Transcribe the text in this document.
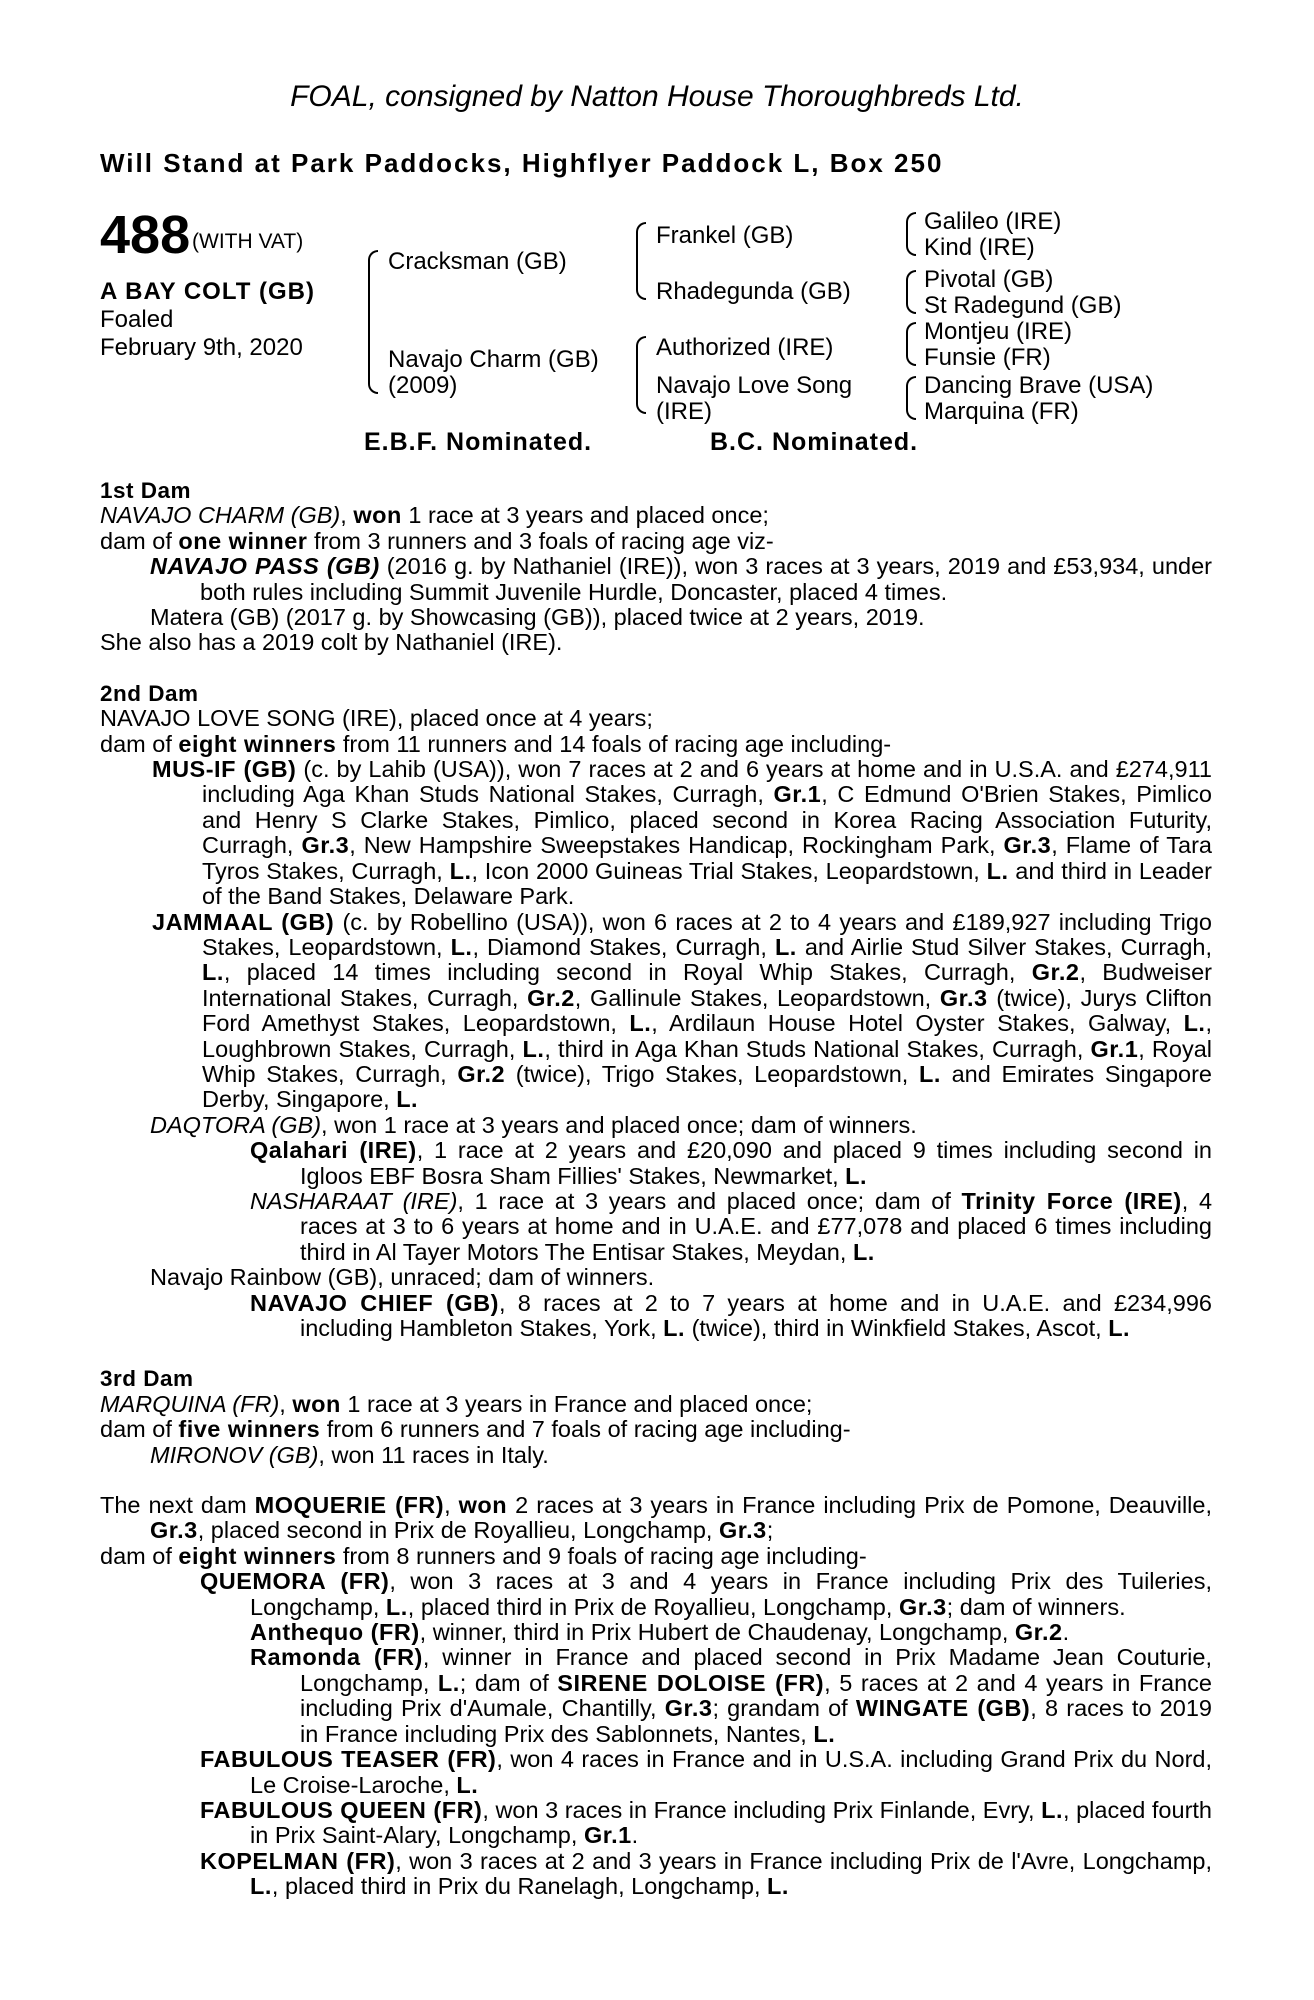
FOAL, consigned by Natton House Thoroughbreds Ltd.
Will Stand at Park Paddocks, Highflyer Paddock L, Box 250
488 (WITH VAT)
A BAY COLT (GB)
Foaled
February 9th, 2020
Cracksman (GB)
Navajo Charm (GB)
(2009)
Frankel (GB)
Rhadegunda (GB)
Authorized (IRE)
Navajo Love Song
(IRE)
Galileo (IRE)
Kind (IRE)
Pivotal (GB)
St Radegund (GB)
Montjeu (IRE)
Funsie (FR)
Dancing Brave (USA)
Marquina (FR)
E.B.F. Nominated.	B.C. Nominated.
1st Dam
NAVAJO CHARM (GB), won 1 race at 3 years and placed once;
dam of one winner from 3 runners and 3 foals of racing age viz-
NAVAJO PASS (GB) (2016 g. by Nathaniel (IRE)), won 3 races at 3 years, 2019 and £53,934, under both rules including Summit Juvenile Hurdle, Doncaster, placed 4 times.
Matera (GB) (2017 g. by Showcasing (GB)), placed twice at 2 years, 2019.
She also has a 2019 colt by Nathaniel (IRE).
2nd Dam
NAVAJO LOVE SONG (IRE), placed once at 4 years;
dam of eight winners from 11 runners and 14 foals of racing age including-
MUS-IF (GB) (c. by Lahib (USA)), won 7 races at 2 and 6 years at home and in U.S.A. and £274,911 including Aga Khan Studs National Stakes, Curragh, Gr.1, C Edmund O'Brien Stakes, Pimlico and Henry S Clarke Stakes, Pimlico, placed second in Korea Racing Association Futurity, Curragh, Gr.3, New Hampshire Sweepstakes Handicap, Rockingham Park, Gr.3, Flame of Tara Tyros Stakes, Curragh, L., Icon 2000 Guineas Trial Stakes, Leopardstown, L. and third in Leader of the Band Stakes, Delaware Park.
JAMMAAL (GB) (c. by Robellino (USA)), won 6 races at 2 to 4 years and £189,927 including Trigo Stakes, Leopardstown, L., Diamond Stakes, Curragh, L. and Airlie Stud Silver Stakes, Curragh, L., placed 14 times including second in Royal Whip Stakes, Curragh, Gr.2, Budweiser International Stakes, Curragh, Gr.2, Gallinule Stakes, Leopardstown, Gr.3 (twice), Jurys Clifton Ford Amethyst Stakes, Leopardstown, L., Ardilaun House Hotel Oyster Stakes, Galway, L., Loughbrown Stakes, Curragh, L., third in Aga Khan Studs National Stakes, Curragh, Gr.1, Royal Whip Stakes, Curragh, Gr.2 (twice), Trigo Stakes, Leopardstown, L. and Emirates Singapore Derby, Singapore, L.
DAQTORA (GB), won 1 race at 3 years and placed once; dam of winners.
Qalahari (IRE), 1 race at 2 years and £20,090 and placed 9 times including second in Igloos EBF Bosra Sham Fillies' Stakes, Newmarket, L.
NASHARAAT (IRE), 1 race at 3 years and placed once; dam of Trinity Force (IRE), 4 races at 3 to 6 years at home and in U.A.E. and £77,078 and placed 6 times including third in Al Tayer Motors The Entisar Stakes, Meydan, L.
Navajo Rainbow (GB), unraced; dam of winners.
NAVAJO CHIEF (GB), 8 races at 2 to 7 years at home and in U.A.E. and £234,996 including Hambleton Stakes, York, L. (twice), third in Winkfield Stakes, Ascot, L.
3rd Dam
MARQUINA (FR), won 1 race at 3 years in France and placed once;
dam of five winners from 6 runners and 7 foals of racing age including-
MIRONOV (GB), won 11 races in Italy.
The next dam MOQUERIE (FR), won 2 races at 3 years in France including Prix de Pomone, Deauville, Gr.3, placed second in Prix de Royallieu, Longchamp, Gr.3;
dam of eight winners from 8 runners and 9 foals of racing age including-
QUEMORA (FR), won 3 races at 3 and 4 years in France including Prix des Tuileries, Longchamp, L., placed third in Prix de Royallieu, Longchamp, Gr.3; dam of winners.
Anthequo (FR), winner, third in Prix Hubert de Chaudenay, Longchamp, Gr.2.
Ramonda (FR), winner in France and placed second in Prix Madame Jean Couturie, Longchamp, L.; dam of SIRENE DOLOISE (FR), 5 races at 2 and 4 years in France including Prix d'Aumale, Chantilly, Gr.3; grandam of WINGATE (GB), 8 races to 2019 in France including Prix des Sablonnets, Nantes, L.
FABULOUS TEASER (FR), won 4 races in France and in U.S.A. including Grand Prix du Nord, Le Croise-Laroche, L.
FABULOUS QUEEN (FR), won 3 races in France including Prix Finlande, Evry, L., placed fourth in Prix Saint-Alary, Longchamp, Gr.1.
KOPELMAN (FR), won 3 races at 2 and 3 years in France including Prix de l'Avre, Longchamp, L., placed third in Prix du Ranelagh, Longchamp, L.
